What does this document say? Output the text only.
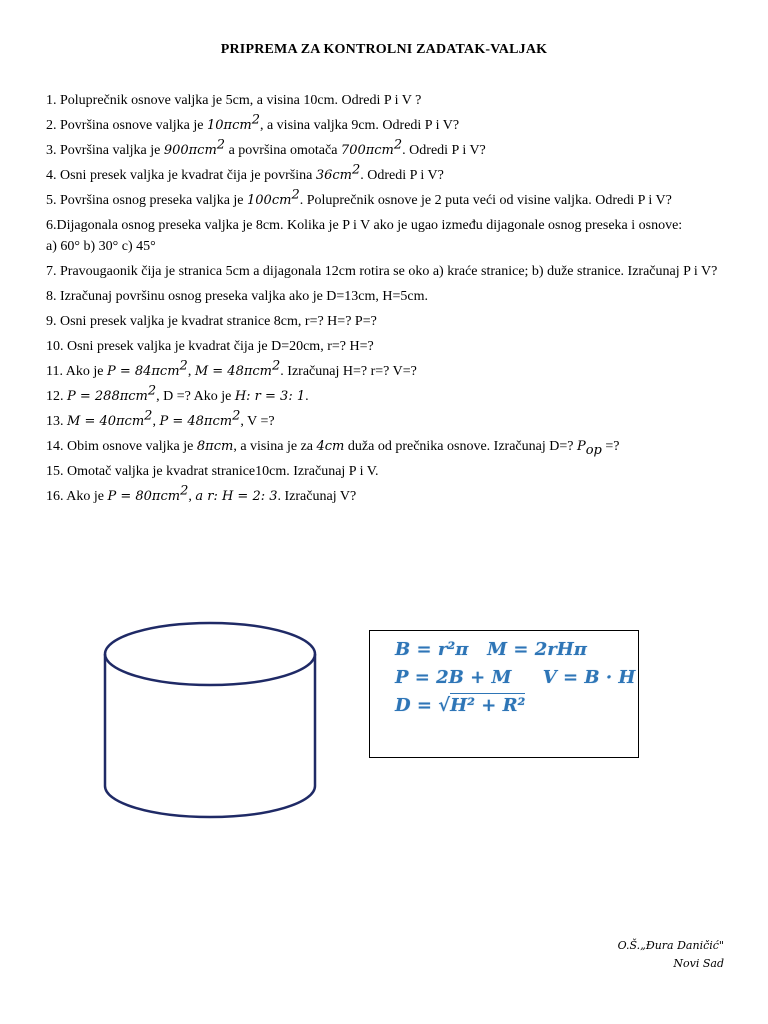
PRIPREMA ZA KONTROLNI ZADATAK-VALJAK

1. Poluprečnik osnove valjka je 5cm, a visina 10cm. Odredi P i V ?

2. Površina osnove valjka je 10πcm$^2$, a visina valjka 9cm. Odredi P i V?

3. Površina valjka je 900πcm$^2$ a površina omotača 700πcm$^2$. Odredi P i V?

4. Osni presek valjka je kvadrat čija je površina $36cm^2$. Odredi P i V?

5. Površina osnog preseka valjka je $100cm^2$. Poluprečnik osnove je 2 puta veći od visine valjka. Odredi P i V?

6.Dijagonala osnog preseka valjka je 8cm. Kolika je P i V ako je ugao između dijagonale osnog preseka i osnove:

a) 60° b) 30° c) 45°

7. Pravougaonik čija je stranica 5cm a dijagonala 12cm rotira se oko a) kraće stranice; b) duže stranice. Izračunaj P i V?

8. Izračunaj površinu osnog preseka valjka ako je D=13cm, H=5cm.

9. Osni presek valjka je kvadrat stranice 8cm, r=? H=? P=?

10. Osni presek valjka je kvadrat čija je D=20cm, r=? H=?

11. Ako je P = 84πcm$^2$, M = 48πcm$^2$. Izračunaj H=? r=? V=?

12. P = 288πcm$^2$, D =? Ako je H: r = 3: 1.

13. M = 40πcm$^2$, P = 48πcm$^2$, V =?

14. Obim osnove valjka je 8πcm, a visina je za 4cm duža od prečnika osnove. Izračunaj D=? $P_{op}$ =?

15. Omotač valjka je kvadrat stranice10cm. Izračunaj P i V.

16. Ako je P = 80πcm$^2$, a r: H = 2: 3. Izračunaj V?

B = r²π   M = 2rHπ
P = 2B + M     V = B · H
D = √H² + R²
O.Š.„Đura Daničić"
Novi Sad
